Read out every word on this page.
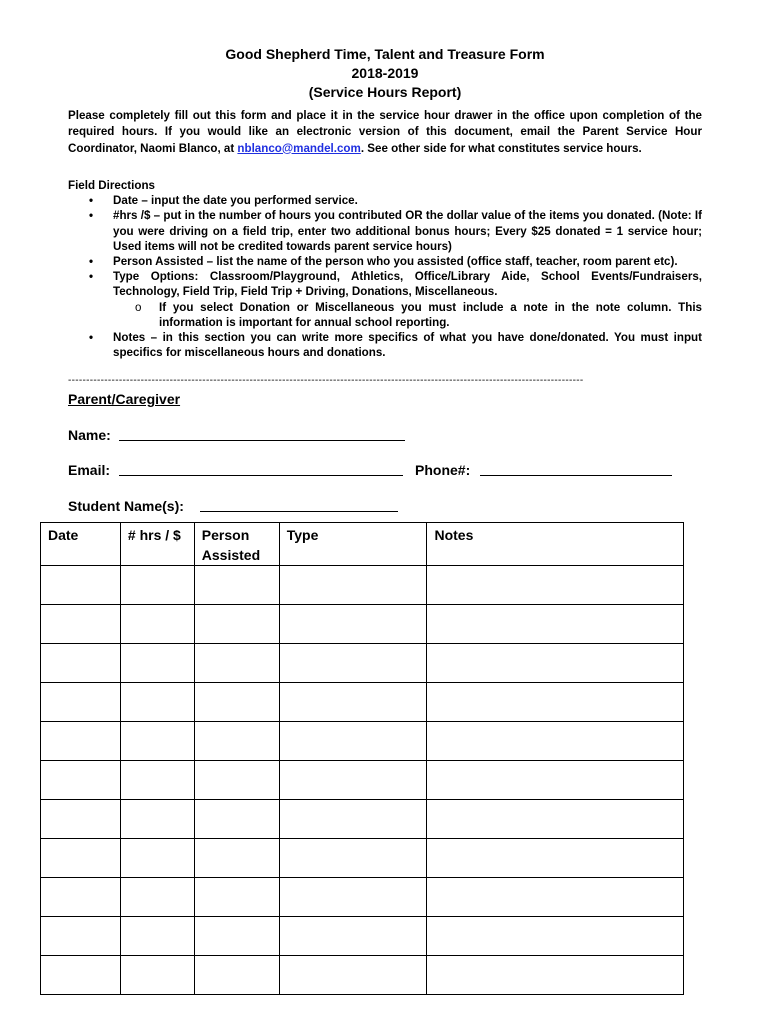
Good Shepherd Time, Talent and Treasure Form
2018-2019
(Service Hours Report)
Please completely fill out this form and place it in the service hour drawer in the office upon completion of the required hours. If you would like an electronic version of this document, email the Parent Service Hour Coordinator, Naomi Blanco, at nblanco@mandel.com. See other side for what constitutes service hours.
Field Directions
• Date – input the date you performed service.
• #hrs /$ – put in the number of hours you contributed OR the dollar value of the items you donated. (Note: If you were driving on a field trip, enter two additional bonus hours; Every $25 donated = 1 service hour; Used items will not be credited towards parent service hours)
• Person Assisted – list the name of the person who you assisted (office staff, teacher, room parent etc).
• Type Options: Classroom/Playground, Athletics, Office/Library Aide, School Events/Fundraisers, Technology, Field Trip, Field Trip + Driving, Donations, Miscellaneous.
o If you select Donation or Miscellaneous you must include a note in the note column. This information is important for annual school reporting.
• Notes – in this section you can write more specifics of what you have done/donated. You must input specifics for miscellaneous hours and donations.
----------------------------------------------------------------------------------------------------------------------------------------------
Parent/Caregiver
Name:
Email:	Phone#:
Student Name(s):
Date	# hrs / $	Person Assisted	Type	Notes
